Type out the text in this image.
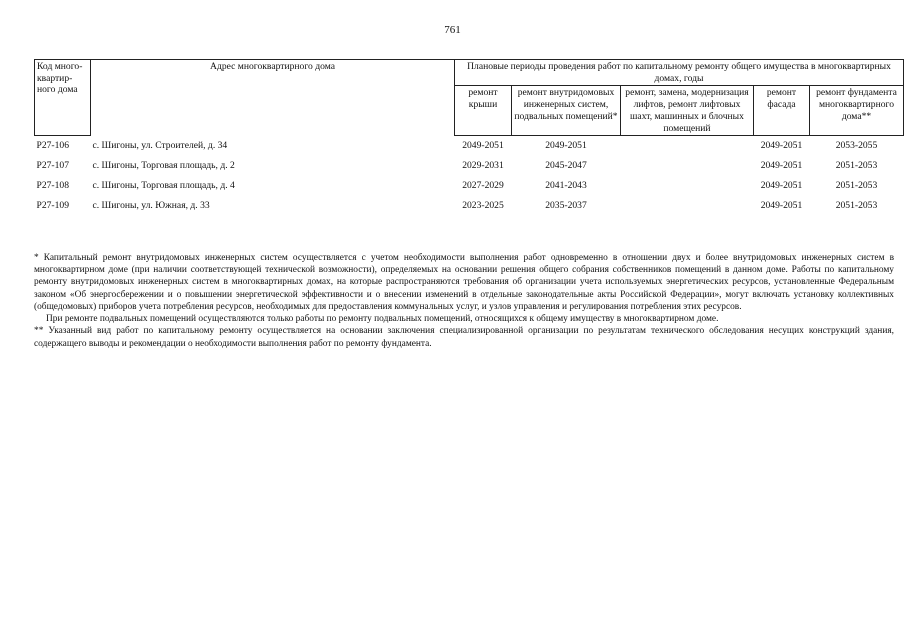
761
Код много-квартир-ного дома	Адрес многоквартирного дома	Плановые периоды проведения работ по капитальному ремонту общего имущества в многоквартирных домах, годы				
		ремонт крыши	ремонт внутридомовых инженерных систем, подвальных помещений*	ремонт, замена, модернизация лифтов, ремонт лифтовых шахт, машинных и блочных помещений	ремонт фасада	ремонт фундамента многоквартирного дома**
Р27-106	с. Шигоны, ул. Строителей, д. 34	2049-2051	2049-2051		2049-2051	2053-2055
Р27-107	с. Шигоны, Торговая площадь, д. 2	2029-2031	2045-2047		2049-2051	2051-2053
Р27-108	с. Шигоны, Торговая площадь, д. 4	2027-2029	2041-2043		2049-2051	2051-2053
Р27-109	с. Шигоны, ул. Южная, д. 33	2023-2025	2035-2037		2049-2051	2051-2053

* Капитальный ремонт внутридомовых инженерных систем осуществляется с учетом необходимости выполнения работ одновременно в отношении двух и более внутридомовых инженерных систем в многоквартирном доме (при наличии соответствующей технической возможности), определяемых на основании решения общего собрания собственников помещений в данном доме. Работы по капитальному ремонту внутридомовых инженерных систем в многоквартирных домах, на которые распространяются требования об организации учета используемых энергетических ресурсов, установленные Федеральным законом «Об энергосбережении и о повышении энергетической эффективности и о внесении изменений в отдельные законодательные акты Российской Федерации», могут включать установку коллективных (общедомовых) приборов учета потребления ресурсов, необходимых для предоставления коммунальных услуг, и узлов управления и регулирования потребления этих ресурсов.

При ремонте подвальных помещений осуществляются только работы по ремонту подвальных помещений, относящихся к общему имуществу в многоквартирном доме.

** Указанный вид работ по капитальному ремонту осуществляется на основании заключения специализированной организации по результатам технического обследования несущих конструкций здания, содержащего выводы и рекомендации о необходимости выполнения работ по ремонту фундамента.
